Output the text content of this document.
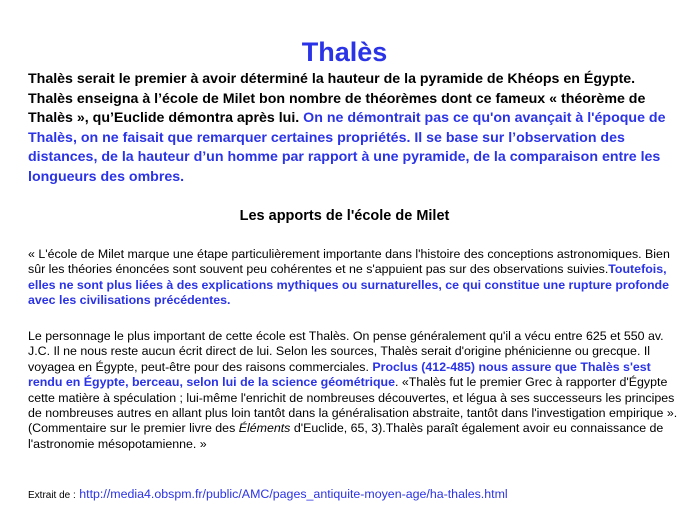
Thalès
Thalès serait le premier à avoir déterminé la hauteur de la pyramide de Khéops en Égypte. Thalès enseigna à l’école de Milet bon nombre de théorèmes dont ce fameux « théorème de Thalès », qu’Euclide démontra après lui. On ne démontrait pas ce qu'on avançait à l'époque de Thalès, on ne faisait que remarquer certaines propriétés. Il se base sur l’observation des distances, de la hauteur d’un homme par rapport à une pyramide, de la comparaison entre les longueurs des ombres.
Les apports de l'école de Milet
« L'école de Milet marque une étape particulièrement importante dans l'histoire des conceptions astronomiques. Bien sûr les théories énoncées sont souvent peu cohérentes et ne s'appuient pas sur des observations suivies.Toutefois, elles ne sont plus liées à des explications mythiques ou surnaturelles, ce qui constitue une rupture profonde avec les civilisations précédentes.
Le personnage le plus important de cette école est Thalès. On pense généralement qu'il a vécu entre 625 et 550 av. J.C. Il ne nous reste aucun écrit direct de lui. Selon les sources, Thalès serait d'origine phénicienne ou grecque. Il voyagea en Égypte, peut-être pour des raisons commerciales. Proclus (412-485) nous assure que Thalès s'est rendu en Égypte, berceau, selon lui de la science géométrique. «Thalès fut le premier Grec à rapporter d'Égypte cette matière à spéculation ; lui-même l'enrichit de nombreuses découvertes, et légua à ses successeurs les principes de nombreuses autres en allant plus loin tantôt dans la généralisation abstraite, tantôt dans l'investigation empirique ». (Commentaire sur le premier livre des Éléments d'Euclide, 65, 3).Thalès paraît également avoir eu connaissance de l'astronomie mésopotamienne. »
Extrait de : http://media4.obspm.fr/public/AMC/pages_antiquite-moyen-age/ha-thales.html
